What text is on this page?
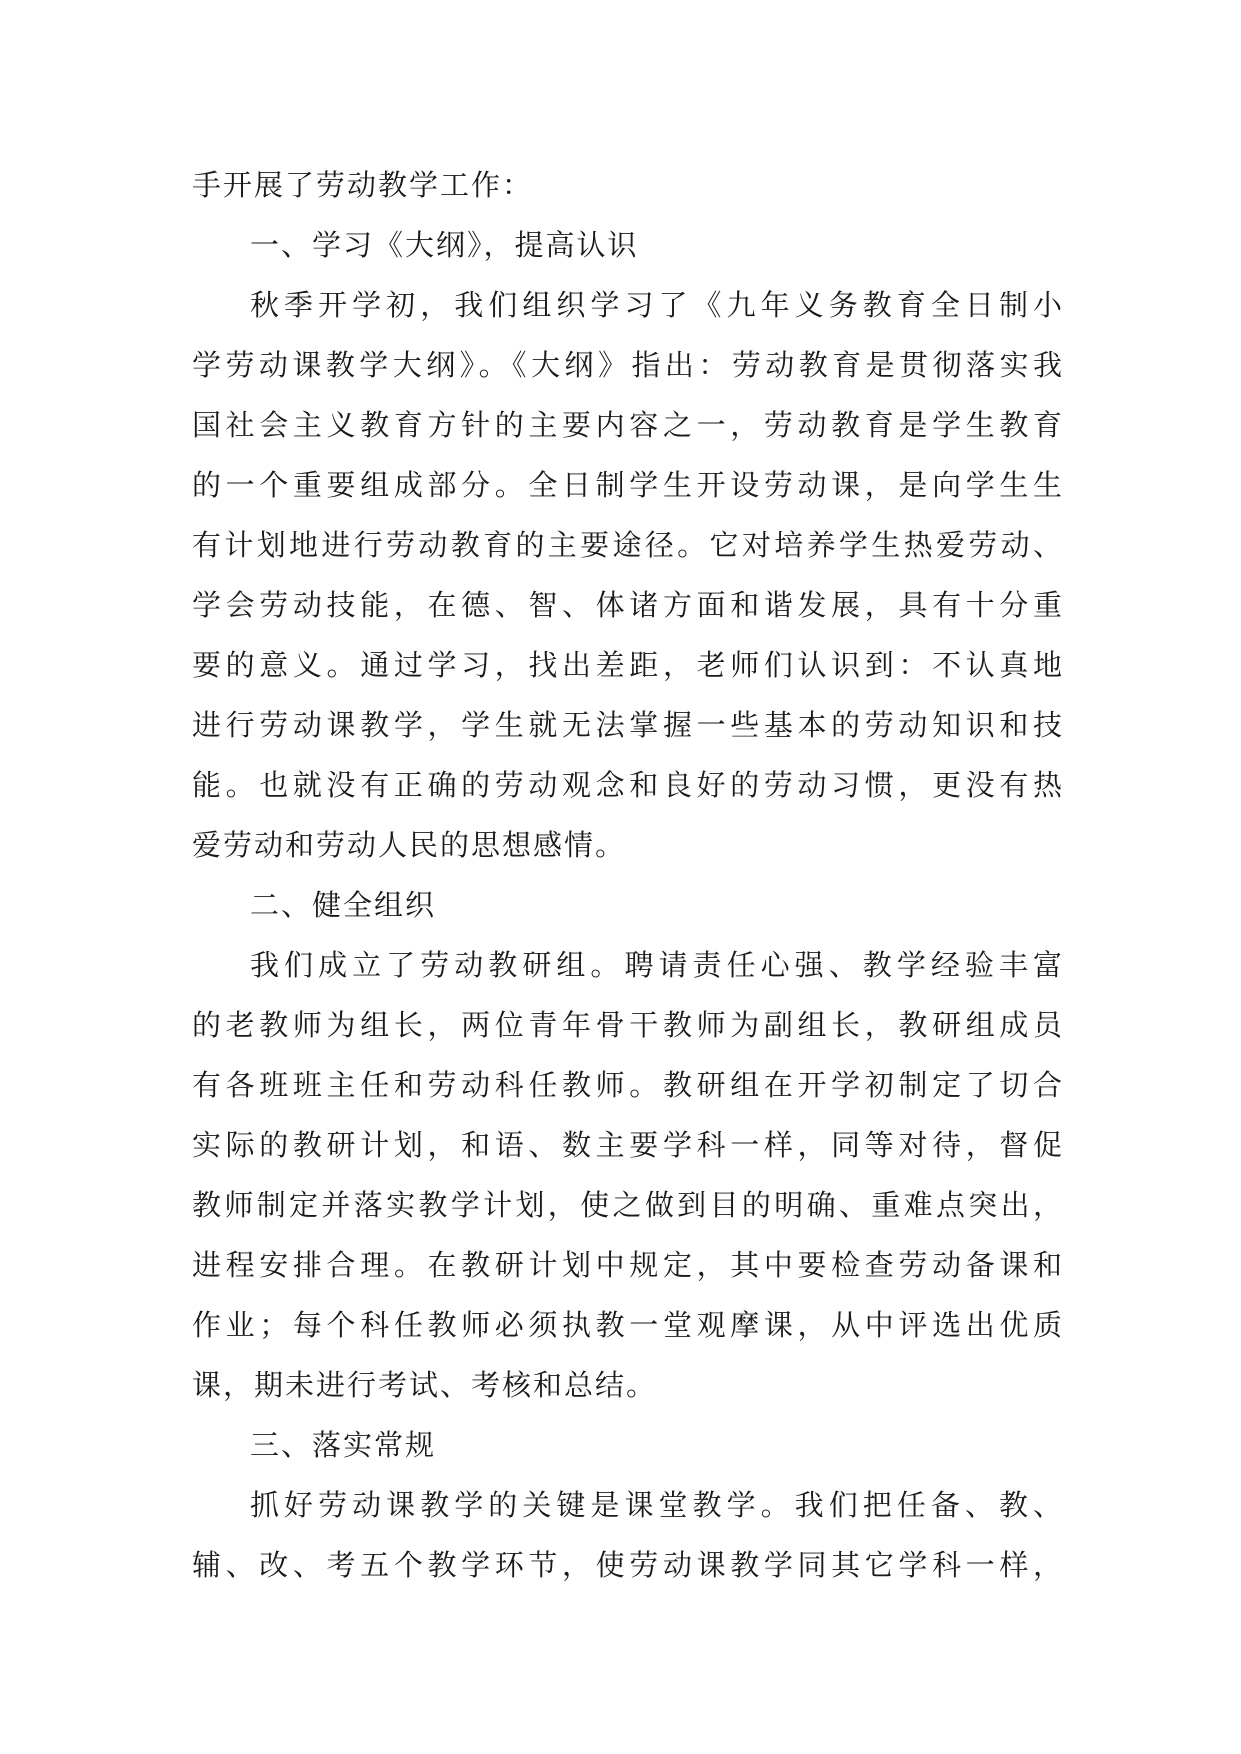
手开展了劳动教学工作：
一、学习《大纲》，提高认识
秋季开学初，我们组织学习了《九年义务教育全日制小
学劳动课教学大纲》。《大纲》指出：劳动教育是贯彻落实我
国社会主义教育方针的主要内容之一，劳动教育是学生教育
的一个重要组成部分。全日制学生开设劳动课，是向学生生
有计划地进行劳动教育的主要途径。它对培养学生热爱劳动、
学会劳动技能，在德、智、体诸方面和谐发展，具有十分重
要的意义。通过学习，找出差距，老师们认识到：不认真地
进行劳动课教学，学生就无法掌握一些基本的劳动知识和技
能。也就没有正确的劳动观念和良好的劳动习惯，更没有热
爱劳动和劳动人民的思想感情。
二、健全组织
我们成立了劳动教研组。聘请责任心强、教学经验丰富
的老教师为组长，两位青年骨干教师为副组长，教研组成员
有各班班主任和劳动科任教师。教研组在开学初制定了切合
实际的教研计划，和语、数主要学科一样，同等对待，督促
教师制定并落实教学计划，使之做到目的明确、重难点突出，
进程安排合理。在教研计划中规定，其中要检查劳动备课和
作业；每个科任教师必须执教一堂观摩课，从中评选出优质
课，期未进行考试、考核和总结。
三、落实常规
抓好劳动课教学的关键是课堂教学。我们把任备、教、
辅、改、考五个教学环节，使劳动课教学同其它学科一样，
